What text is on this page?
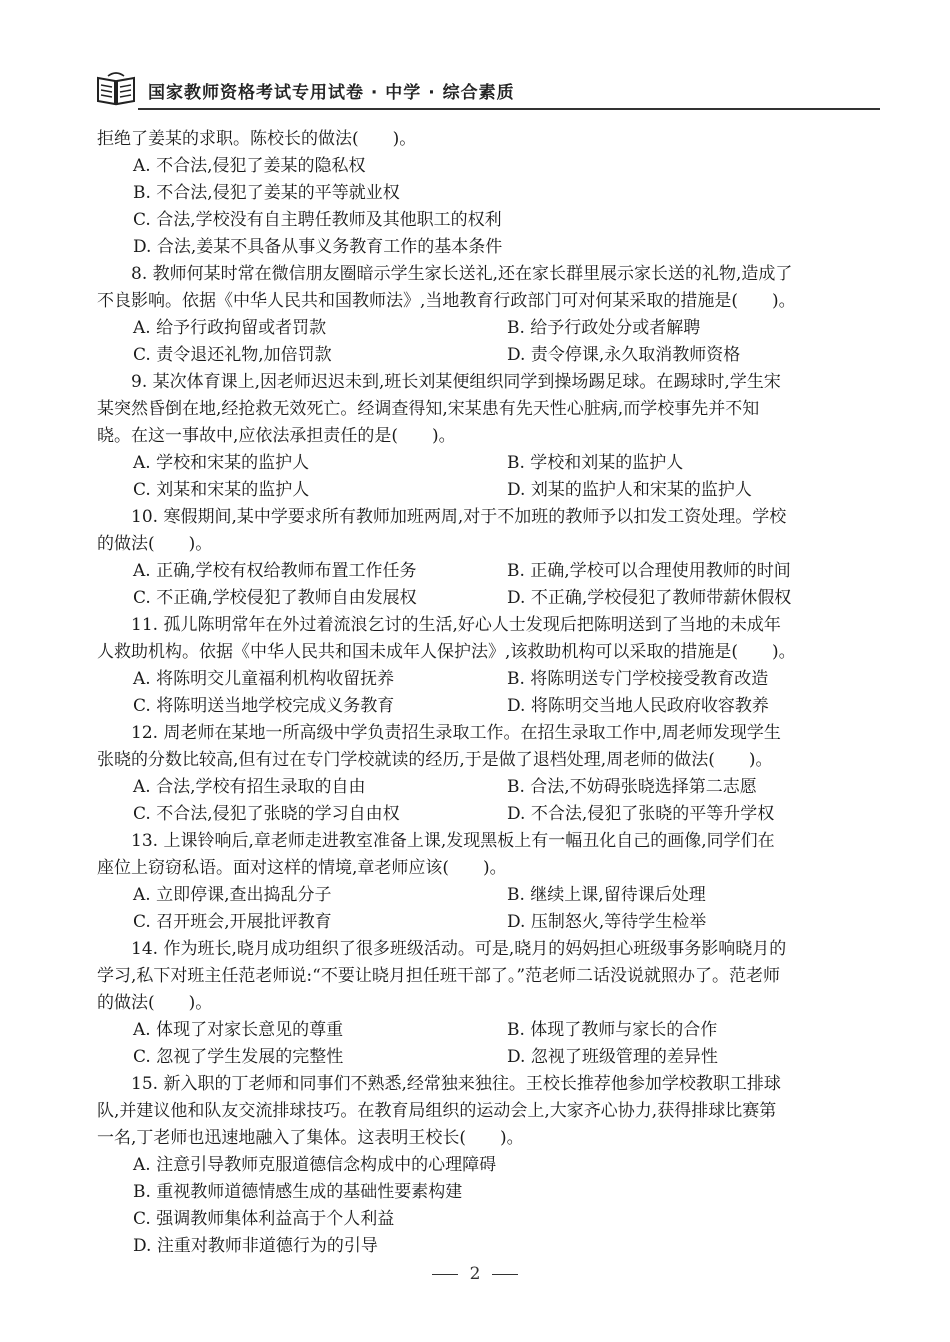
国家教师资格考试专用试卷 · 中学 · 综合素质

拒绝了姜某的求职。陈校长的做法(　　)。

A. 不合法,侵犯了姜某的隐私权
B. 不合法,侵犯了姜某的平等就业权
C. 合法,学校没有自主聘任教师及其他职工的权利
D. 合法,姜某不具备从事义务教育工作的基本条件

8. 教师何某时常在微信朋友圈暗示学生家长送礼,还在家长群里展示家长送的礼物,造成了

不良影响。依据《中华人民共和国教师法》,当地教育行政部门可对何某采取的措施是(　　)。

A. 给予行政拘留或者罚款	B. 给予行政处分或者解聘
C. 责令退还礼物,加倍罚款	D. 责令停课,永久取消教师资格

9. 某次体育课上,因老师迟迟未到,班长刘某便组织同学到操场踢足球。在踢球时,学生宋

某突然昏倒在地,经抢救无效死亡。经调查得知,宋某患有先天性心脏病,而学校事先并不知

晓。在这一事故中,应依法承担责任的是(　　)。

A. 学校和宋某的监护人	B. 学校和刘某的监护人
C. 刘某和宋某的监护人	D. 刘某的监护人和宋某的监护人

10. 寒假期间,某中学要求所有教师加班两周,对于不加班的教师予以扣发工资处理。学校

的做法(　　)。

A. 正确,学校有权给教师布置工作任务	B. 正确,学校可以合理使用教师的时间
C. 不正确,学校侵犯了教师自由发展权	D. 不正确,学校侵犯了教师带薪休假权

11. 孤儿陈明常年在外过着流浪乞讨的生活,好心人士发现后把陈明送到了当地的未成年

人救助机构。依据《中华人民共和国未成年人保护法》,该救助机构可以采取的措施是(　　)。

A. 将陈明交儿童福利机构收留抚养	B. 将陈明送专门学校接受教育改造
C. 将陈明送当地学校完成义务教育	D. 将陈明交当地人民政府收容教养

12. 周老师在某地一所高级中学负责招生录取工作。在招生录取工作中,周老师发现学生

张晓的分数比较高,但有过在专门学校就读的经历,于是做了退档处理,周老师的做法(　　)。

A. 合法,学校有招生录取的自由	B. 合法,不妨碍张晓选择第二志愿
C. 不合法,侵犯了张晓的学习自由权	D. 不合法,侵犯了张晓的平等升学权

13. 上课铃响后,章老师走进教室准备上课,发现黑板上有一幅丑化自己的画像,同学们在

座位上窃窃私语。面对这样的情境,章老师应该(　　)。

A. 立即停课,查出捣乱分子	B. 继续上课,留待课后处理
C. 召开班会,开展批评教育	D. 压制怒火,等待学生检举

14. 作为班长,晓月成功组织了很多班级活动。可是,晓月的妈妈担心班级事务影响晓月的

学习,私下对班主任范老师说:“不要让晓月担任班干部了。”范老师二话没说就照办了。范老师

的做法(　　)。

A. 体现了对家长意见的尊重	B. 体现了教师与家长的合作
C. 忽视了学生发展的完整性	D. 忽视了班级管理的差异性

15. 新入职的丁老师和同事们不熟悉,经常独来独往。王校长推荐他参加学校教职工排球

队,并建议他和队友交流排球技巧。在教育局组织的运动会上,大家齐心协力,获得排球比赛第

一名,丁老师也迅速地融入了集体。这表明王校长(　　)。

A. 注意引导教师克服道德信念构成中的心理障碍
B. 重视教师道德情感生成的基础性要素构建
C. 强调教师集体利益高于个人利益
D. 注重对教师非道德行为的引导
2
